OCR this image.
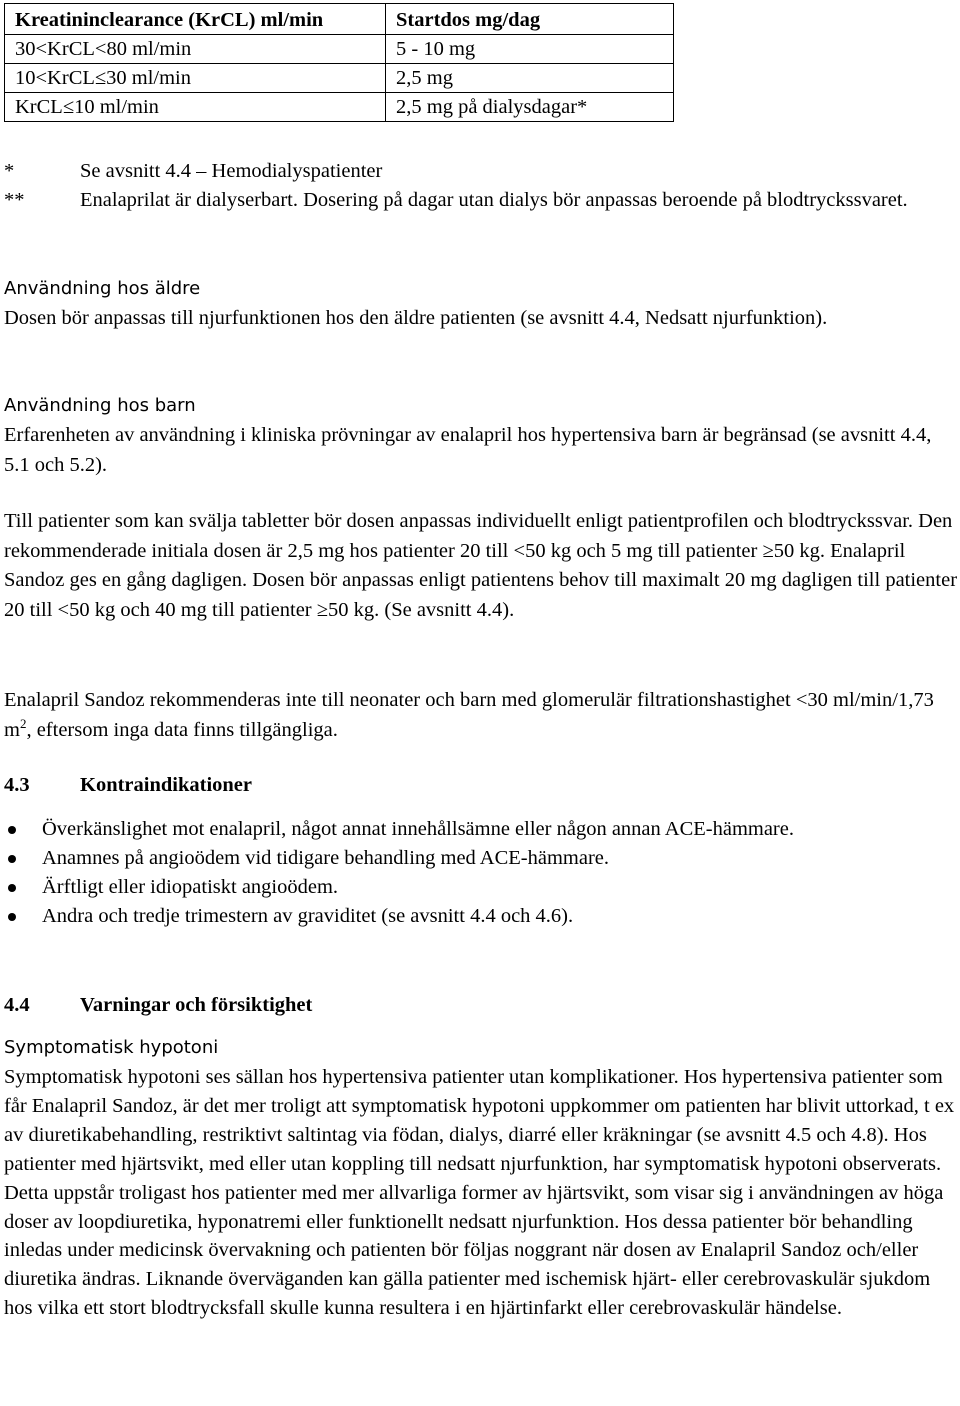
Kreatininclearance (KrCL) ml/min	Startdos mg/dag
30<KrCL<80 ml/min	5 - 10 mg
10<KrCL≤30 ml/min	2,5 mg
KrCL≤10 ml/min	2,5 mg på dialysdagar*
*	Se avsnitt 4.4 – Hemodialyspatienter
**	Enalaprilat är dialyserbart. Dosering på dagar utan dialys bör anpassas beroende på blodtryckssvaret.
Användning hos äldre
Dosen bör anpassas till njurfunktionen hos den äldre patienten (se avsnitt 4.4, Nedsatt njurfunktion).
Användning hos barn
Erfarenheten av användning i kliniska prövningar av enalapril hos hypertensiva barn är begränsad (se avsnitt 4.4, 5.1 och 5.2).
Till patienter som kan svälja tabletter bör dosen anpassas individuellt enligt patientprofilen och blodtryckssvar. Den rekommenderade initiala dosen är 2,5 mg hos patienter 20 till <50 kg och 5 mg till patienter ≥50 kg. Enalapril Sandoz ges en gång dagligen. Dosen bör anpassas enligt patientens behov till maximalt 20 mg dagligen till patienter 20 till <50 kg och 40 mg till patienter ≥50 kg. (Se avsnitt 4.4).
Enalapril Sandoz rekommenderas inte till neonater och barn med glomerulär filtrationshastighet <30 ml/min/1,73 $m^2$, eftersom inga data finns tillgängliga.
4.3 Kontraindikationer
Överkänslighet mot enalapril, något annat innehållsämne eller någon annan ACE-hämmare.
Anamnes på angioödem vid tidigare behandling med ACE-hämmare.
Ärftligt eller idiopatiskt angioödem.
Andra och tredje trimestern av graviditet (se avsnitt 4.4 och 4.6).
4.4 Varningar och försiktighet
Symptomatisk hypotoni
Symptomatisk hypotoni ses sällan hos hypertensiva patienter utan komplikationer. Hos hypertensiva patienter som får Enalapril Sandoz, är det mer troligt att symptomatisk hypotoni uppkommer om patienten har blivit uttorkad, t ex av diuretikabehandling, restriktivt saltintag via födan, dialys, diarré eller kräkningar (se avsnitt 4.5 och 4.8). Hos patienter med hjärtsvikt, med eller utan koppling till nedsatt njurfunktion, har symptomatisk hypotoni observerats. Detta uppstår troligast hos patienter med mer allvarliga former av hjärtsvikt, som visar sig i användningen av höga doser av loopdiuretika, hyponatremi eller funktionellt nedsatt njurfunktion. Hos dessa patienter bör behandling inledas under medicinsk övervakning och patienten bör följas noggrant när dosen av Enalapril Sandoz och/eller diuretika ändras. Liknande överväganden kan gälla patienter med ischemisk hjärt- eller cerebrovaskulär sjukdom hos vilka ett stort blodtrycksfall skulle kunna resultera i en hjärtinfarkt eller cerebrovaskulär händelse.
